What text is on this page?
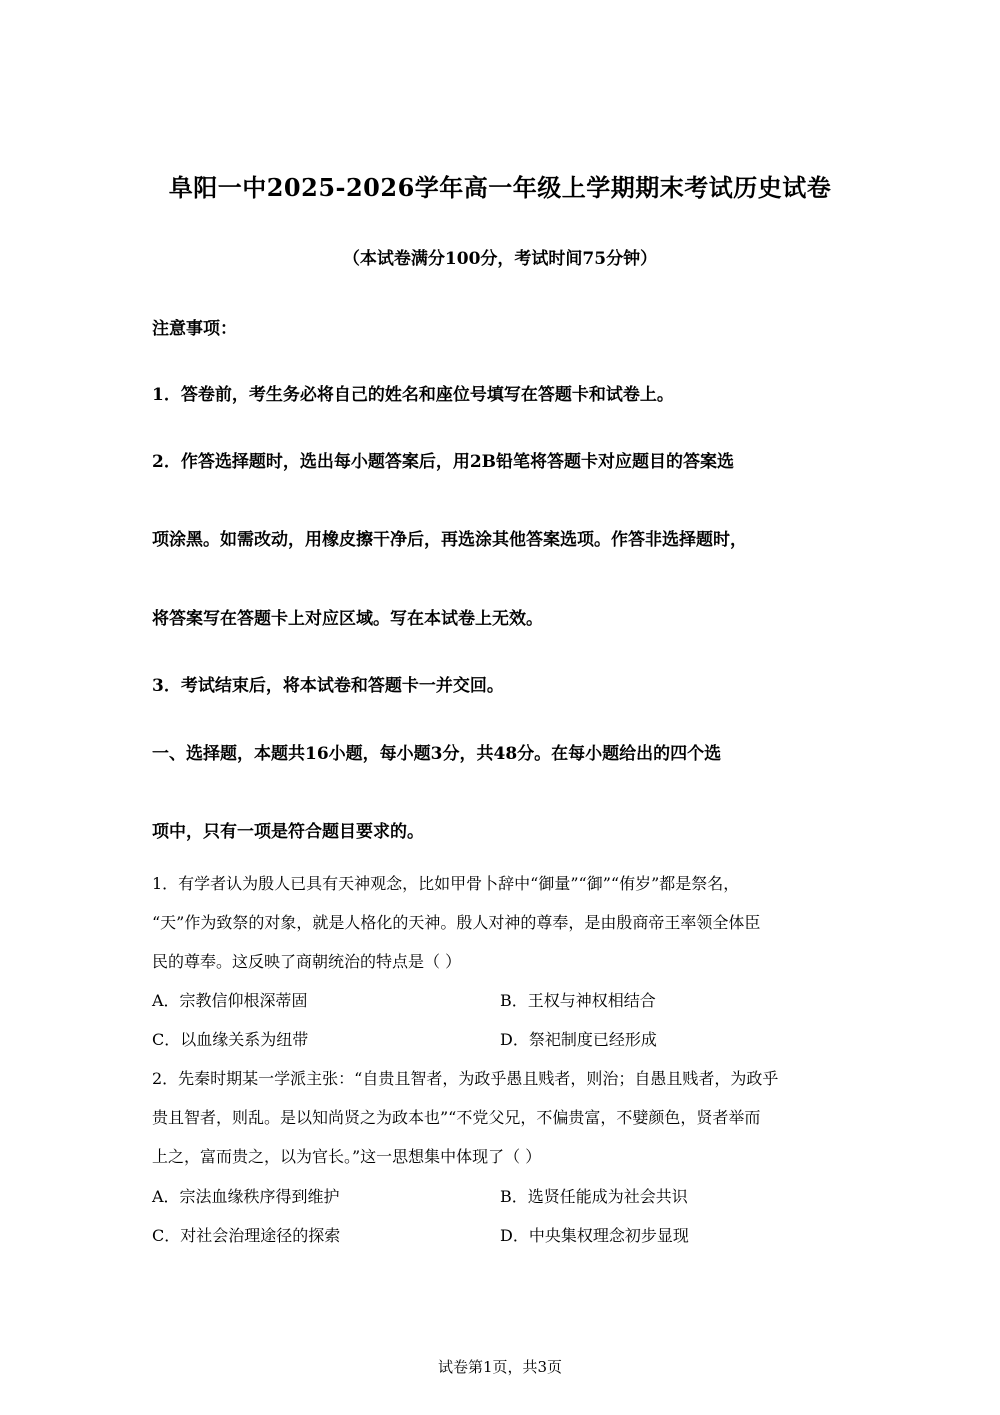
阜阳一中2025-2026学年高一年级上学期期末考试历史试卷
（本试卷满分100分，考试时间75分钟）
注意事项：
1．答卷前，考生务必将自己的姓名和座位号填写在答题卡和试卷上。
2．作答选择题时，选出每小题答案后，用2B铅笔将答题卡对应题目的答案选
项涂黑。如需改动，用橡皮擦干净后，再选涂其他答案选项。作答非选择题时，
将答案写在答题卡上对应区域。写在本试卷上无效。
3．考试结束后，将本试卷和答题卡一并交回。
一、选择题，本题共16小题，每小题3分，共48分。在每小题给出的四个选
项中，只有一项是符合题目要求的。
1．有学者认为殷人已具有天神观念，比如甲骨卜辞中“御量”“御”“侑岁”都是祭名，
“天”作为致祭的对象，就是人格化的天神。殷人对神的尊奉，是由殷商帝王率领全体臣
民的尊奉。这反映了商朝统治的特点是（ ）
A．宗教信仰根深蒂固	B．王权与神权相结合
C．以血缘关系为纽带	D．祭祀制度已经形成
2．先秦时期某一学派主张：“自贵且智者，为政乎愚且贱者，则治；自愚且贱者，为政乎
贵且智者，则乱。是以知尚贤之为政本也”“不党父兄，不偏贵富，不嬖颜色，贤者举而
上之，富而贵之，以为官长。”这一思想集中体现了（ ）
A．宗法血缘秩序得到维护	B．选贤任能成为社会共识
C．对社会治理途径的探索	D．中央集权理念初步显现
试卷第1页，共3页
